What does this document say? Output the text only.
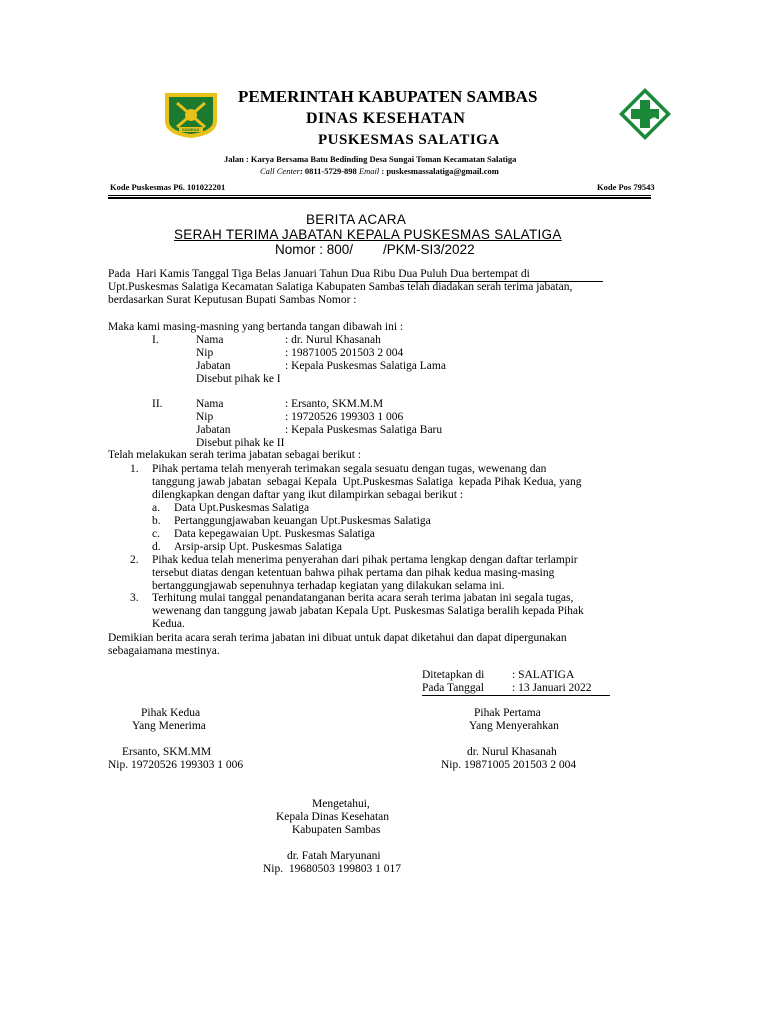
SAMBAS
PEMERINTAH KABUPATEN SAMBAS
DINAS KESEHATAN
PUSKESMAS SALATIGA
Jalan : Karya Bersama Batu Bedinding Desa Sungai Toman Kecamatan Salatiga
Call Center: 0811-5729-898 Email : puskesmassalatiga@gmail.com
Kode Puskesmas P6. 101022201	Kode Pos 79543
BERITA ACARA
SERAH TERIMA JABATAN KEPALA PUSKESMAS SALATIGA
Nomor : 800/        /PKM-SI3/2022
Pada  Hari Kamis Tanggal Tiga Belas Januari Tahun Dua Ribu Dua Puluh Dua bertempat di
Upt.Puskesmas Salatiga Kecamatan Salatiga Kabupaten Sambas telah diadakan serah terima jabatan,
berdasarkan Surat Keputusan Bupati Sambas Nomor :
Maka kami masing-masning yang bertanda tangan dibawah ini :
I.	Nama	: dr. Nurul Khasanah
Nip	: 19871005 201503 2 004
Jabatan	: Kepala Puskesmas Salatiga Lama
Disebut pihak ke I
II.	Nama	: Ersanto, SKM.M.M
Nip	: 19720526 199303 1 006
Jabatan	: Kepala Puskesmas Salatiga Baru
Disebut pihak ke II
Telah melakukan serah terima jabatan sebagai berikut :
1. Pihak pertama telah menyerah terimakan segala sesuatu dengan tugas, wewenang dan
tanggung jawab jabatan  sebagai Kepala  Upt.Puskesmas Salatiga  kepada Pihak Kedua, yang
dilengkapkan dengan daftar yang ikut dilampirkan sebagai berikut :
a. Data Upt.Puskesmas Salatiga
b. Pertanggungjawaban keuangan Upt.Puskesmas Salatiga
c. Data kepegawaian Upt. Puskesmas Salatiga
d. Arsip-arsip Upt. Puskesmas Salatiga
2. Pihak kedua telah menerima penyerahan dari pihak pertama lengkap dengan daftar terlampir
tersebut diatas dengan ketentuan bahwa pihak pertama dan pihak kedua masing-masing
bertanggungjawab sepenuhnya terhadap kegiatan yang dilakukan selama ini.
3. Terhitung mulai tanggal penandatanganan berita acara serah terima jabatan ini segala tugas,
wewenang dan tanggung jawab jabatan Kepala Upt. Puskesmas Salatiga beralih kepada Pihak
Kedua.
Demikian berita acara serah terima jabatan ini dibuat untuk dapat diketahui dan dapat dipergunakan
sebagaiamana mestinya.
Ditetapkan di : SALATIGA
Pada Tanggal : 13 Januari 2022
Pihak Kedua
Yang Menerima
Pihak Pertama
Yang Menyerahkan
Ersanto, SKM.MM
Nip. 19720526 199303 1 006
dr. Nurul Khasanah
Nip. 19871005 201503 2 004
Mengetahui,
Kepala Dinas Kesehatan
Kabupaten Sambas
dr. Fatah Maryunani
Nip.  19680503 199803 1 017
